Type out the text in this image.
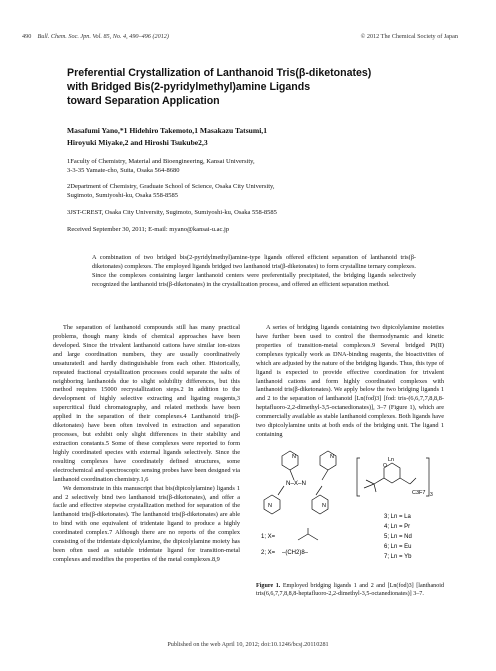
490 Bull. Chem. Soc. Jpn. Vol. 85, No. 4, 490–496 (2012)	© 2012 The Chemical Society of Japan
Preferential Crystallization of Lanthanoid Tris(β-diketonates)
with Bridged Bis(2-pyridylmethyl)amine Ligands
toward Separation Application
Masafumi Yano,*1 Hidehiro Takemoto,1 Masakazu Tatsumi,1
Hiroyuki Miyake,2 and Hiroshi Tsukube2,3
1Faculty of Chemistry, Material and Bioengineering, Kansai University,
3-3-35 Yamate-cho, Suita, Osaka 564-8680
2Department of Chemistry, Graduate School of Science, Osaka City University,
Sugimoto, Sumiyoshi-ku, Osaka 558-8585
3JST-CREST, Osaka City University, Sugimoto, Sumiyoshi-ku, Osaka 558-8585
Received September 30, 2011; E-mail: myano@kansai-u.ac.jp
A combination of two bridged bis(2-pyridylmethyl)amine-type ligands offered efficient separation of lanthanoid tris(β-diketonates) complexes. The employed ligands bridged two lanthanoid tris(β-diketonates) to form crystalline ternary complexes. Since the complexes containing larger lanthanoid centers were preferentially precipitated, the bridging ligands selectively recognized the lanthanoid tris(β-diketonates) in the crystallization process, and offered an efficient separation method.

The separation of lanthanoid compounds still has many practical problems, though many kinds of chemical approaches have been developed. Since the trivalent lanthanoid cations have similar ion-sizes and large coordination numbers, they are usually coordinatively unsaturated1 and hardly distinguishable from each other. Historically, repeated fractional crystallization processes could separate the salts of neighboring lanthanoids due to slight solubility differences, but this method requires 15000 recrystallization steps.2 In addition to the development of highly selective extracting and ligating reagents,3 supercritical fluid chromatography, and related methods have been applied in the separation of their complexes.4 Lanthanoid tris(β-diketonates) have been often involved in extraction and separation processes, but exhibit only slight differences in their stability and extraction constants.5 Some of these complexes were reported to form highly coordinated species with external ligands selectively. Since the resulting complexes have coordinately defined structures, some electrochemical and spectroscopic sensing probes have been designed via lanthanoid coordination chemistry.1,6

We demonstrate in this manuscript that bis(dipicolylamine) ligands 1 and 2 selectively bind two lanthanoid tris(β-diketonates), and offer a facile and effective stepwise crystallization method for separation of the lanthanoid tris(β-diketonates). The lanthanoid tris(β-diketonates) are able to bind with one equivalent of tridentate ligand to produce a highly coordinated complex.7 Although there are no reports of the complex consisting of the tridentate dipicolylamine, the dipicolylamine moiety has been often used as suitable tridentate ligand for transition-metal complexes and modifies the properties of the metal complexes.8,9

A series of bridging ligands containing two dipicolylamine moieties have further been used to control the thermodynamic and kinetic properties of transition-metal complexes.9 Several bridged Pt(II) complexes typically work as DNA-binding reagents, the bioactivities of which are adjusted by the nature of the bridging ligands. Thus, this type of ligand is expected to provide effective coordination for trivalent lanthanoid cations and form highly coordinated complexes with lanthanoid tris(β-diketonates). We apply below the two bridging ligands 1 and 2 to the separation of lanthanoid [Ln(fod)3] [fod: tris-(6,6,7,7,8,8,8-heptafluoro-2,2-dimethyl-3,5-octanedionates)], 3–7 (Figure 1), which are commercially available as stable lanthanoid complexes. Both ligands have two dipicolylamine units at both ends of the bridging unit. The ligand 1 containing

N	N
N	N
N–X–N
Ln
O
C3F7 3
1; X=
2; X= –(CH2)8–
3; Ln = La
4; Ln = Pr
5; Ln = Nd
6; Ln = Eu
7; Ln = Yb
Figure 1. Employed bridging ligands 1 and 2 and [Ln(fod)3] [lanthanoid tris(6,6,7,7,8,8,8-heptafluoro-2,2-dimethyl-3,5-octanedionates)] 3–7.
Published on the web April 10, 2012; doi:10.1246/bcsj.20110281
